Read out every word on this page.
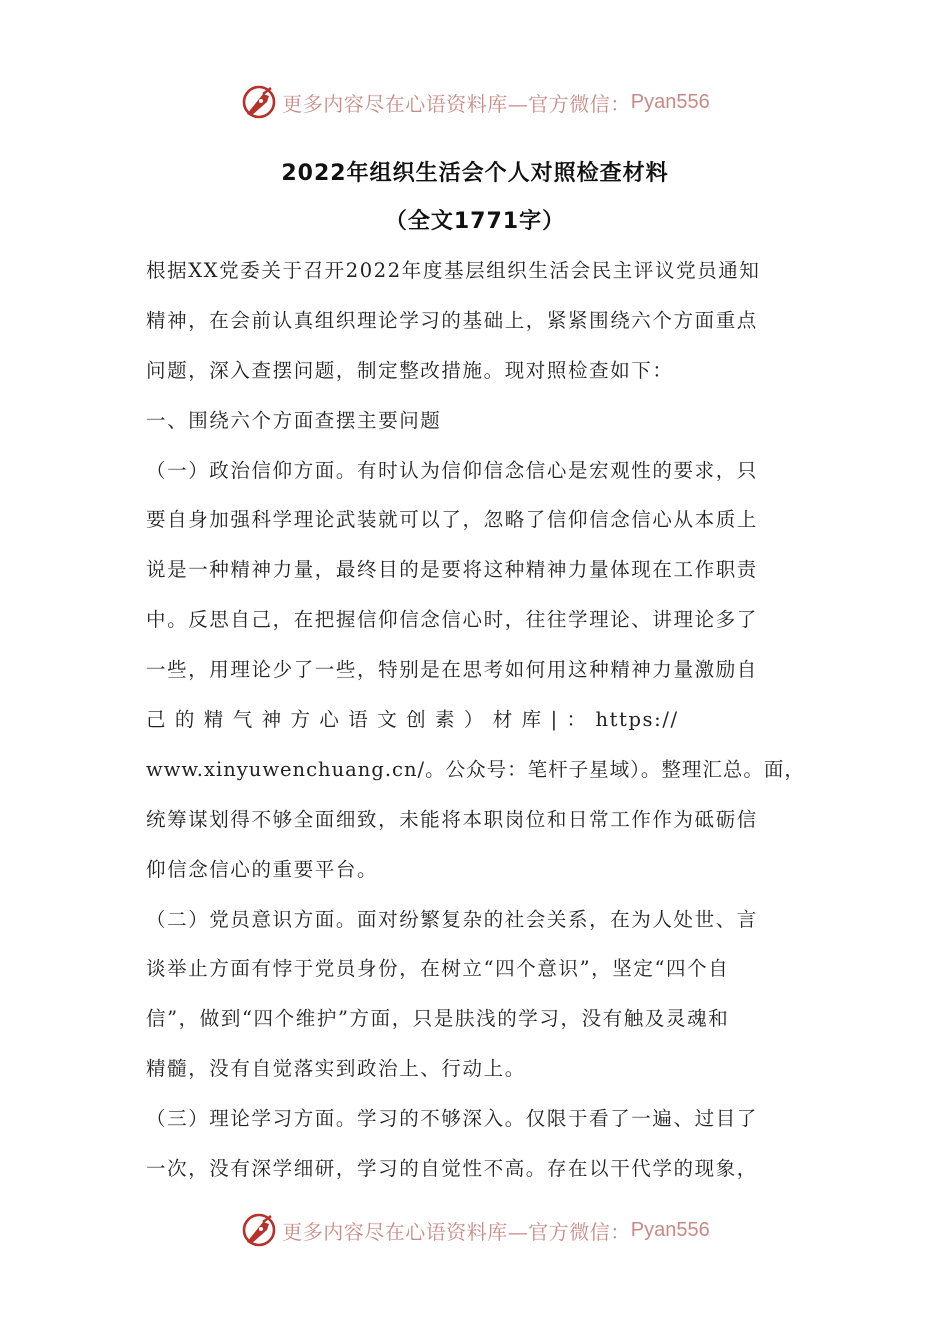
更多内容尽在心语资料库—官方微信： Pyan556
2022年组织生活会个人对照检查材料
（全文1771字）
根据XX党委关于召开2022年度基层组织生活会民主评议党员通知
精神，在会前认真组织理论学习的基础上，紧紧围绕六个方面重点
问题，深入查摆问题，制定整改措施。现对照检查如下：
一、围绕六个方面查摆主要问题
（一）政治信仰方面。有时认为信仰信念信心是宏观性的要求，只
要自身加强科学理论武装就可以了，忽略了信仰信念信心从本质上
说是一种精神力量，最终目的是要将这种精神力量体现在工作职责
中。反思自己，在把握信仰信念信心时，往往学理论、讲理论多了
一些，用理论少了一些，特别是在思考如何用这种精神力量激励自
己 的 精 气 神 方 心 语 文 创 素 ） 材 库 | ： https://
www.xinyuwenchuang.cn/。公众号：笔杆子星域）。整理汇总。面，
统筹谋划得不够全面细致，未能将本职岗位和日常工作作为砥砺信
仰信念信心的重要平台。
（二）党员意识方面。面对纷繁复杂的社会关系，在为人处世、言
谈举止方面有悖于党员身份，在树立“四个意识”，坚定“四个自
信”，做到“四个维护”方面，只是肤浅的学习，没有触及灵魂和
精髓，没有自觉落实到政治上、行动上。
（三）理论学习方面。学习的不够深入。仅限于看了一遍、过目了
一次，没有深学细研，学习的自觉性不高。存在以干代学的现象，
更多内容尽在心语资料库—官方微信： Pyan556
